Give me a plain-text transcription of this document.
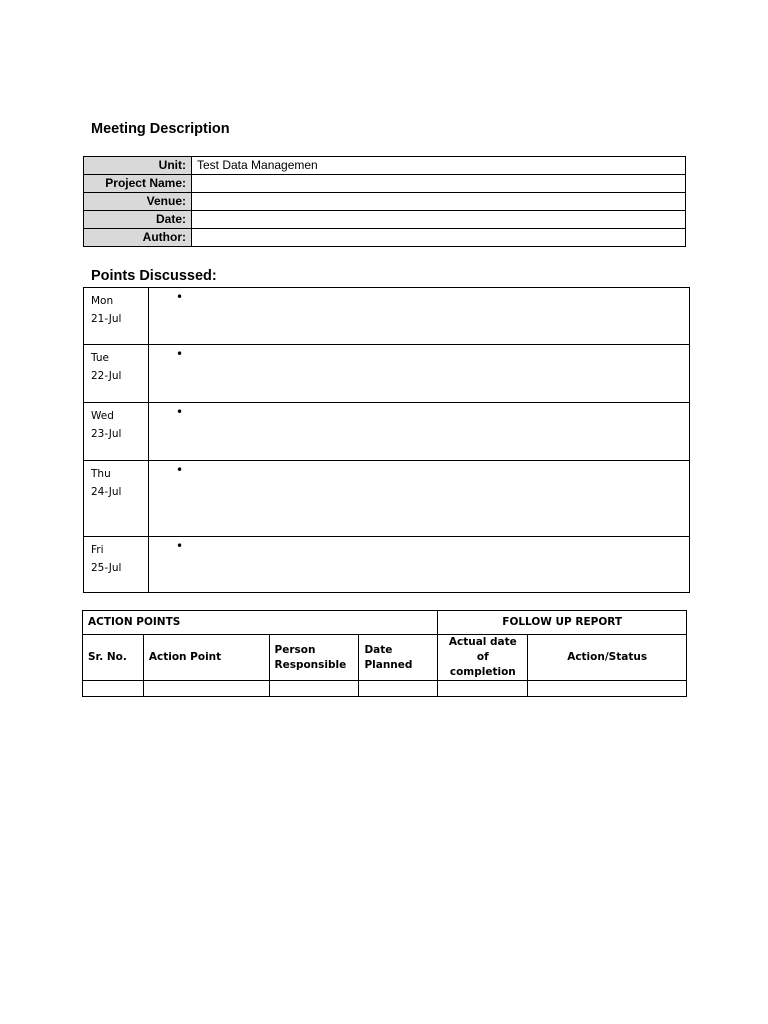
Meeting Description
Unit:	Test Data Managemen
Project Name:	
Venue:	
Date:	
Author:	
Points Discussed:
Mon
21-Jul	•

Tue
22-Jul	•

Wed
23-Jul	•

Thu
24-Jul	•

Fri
25-Jul	•
ACTION POINTS				FOLLOW UP REPORT	
Sr. No.	Action Point	Person Responsible	Date Planned	Actual date of completion	Action/Status
